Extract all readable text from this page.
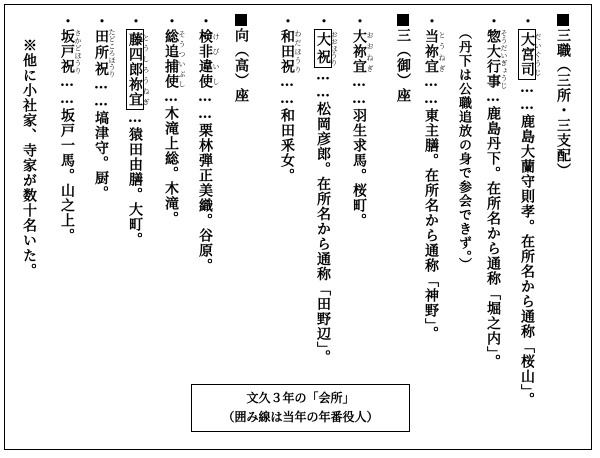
三職（三所・三支配）
・大宮司 だいぐうじ……鹿島大蘭守則孝。在所名から通称「桜山」。
・惣大行事 そうだいぎょうじ…鹿島丹下。在所名から通称「堀之内」。
（丹下は公職追放の身で参会できず。）
三（御）座
・当祢宜 とうねぎ……東主膳。在所名から通称「神野」。
・大祢宜 おおねぎ……羽生求馬。桜町。
・大祝 おおほうり……松岡彦郎。在所名から通称「田野辺」。
・和田祝 わだほうり……和田釆女。
向（高）座
・検非違使 けびいし……栗林弾正美織。谷原。
・総追捕使 そうついぶし…木滝上総。木滝。
・藤四郎祢宜 とうしろうねぎ…猿田由膳。大町。
・田所祝 たどころほうり……塙津守。厨。
・坂戸祝 さかどほうり……坂戸一馬。山之上。
※他に小社家、寺家が数十名いた。
文久３年の「会所」
（囲み線は当年の年番役人）
